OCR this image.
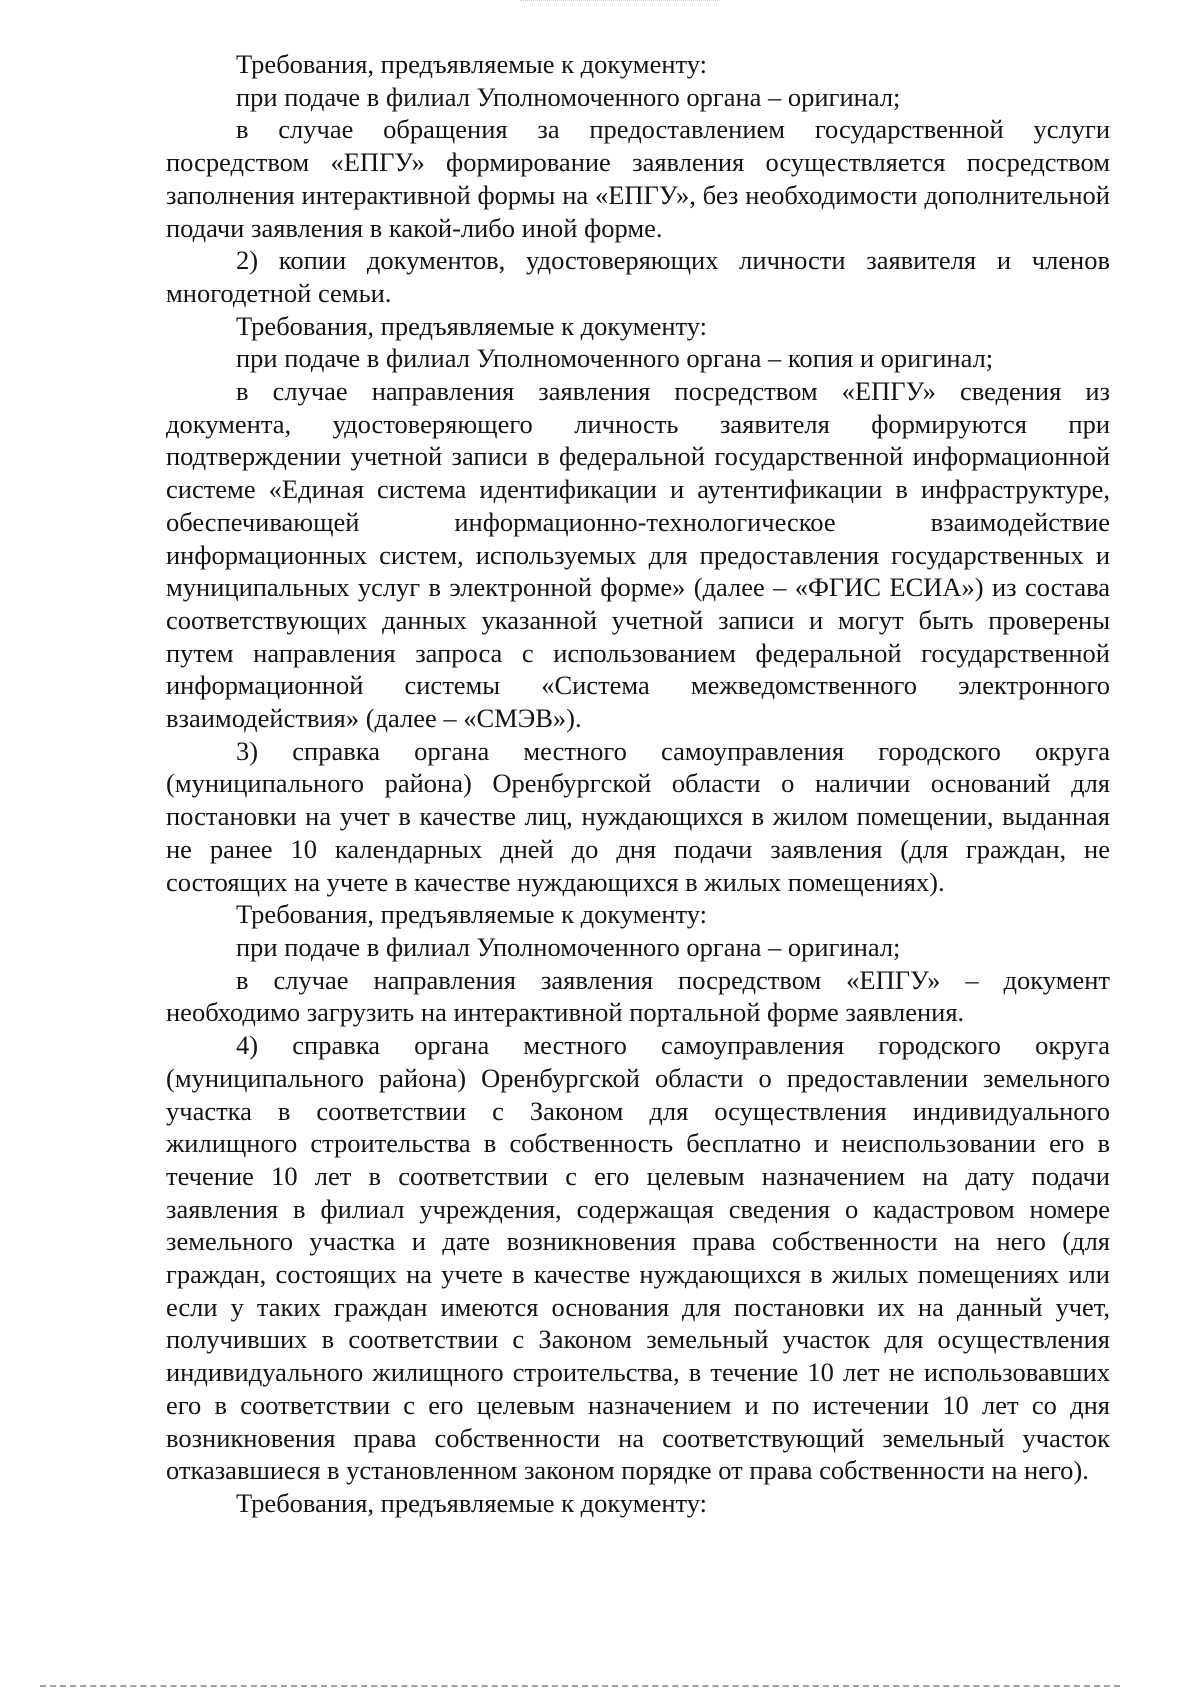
Требования, предъявляемые к документу:

при подаче в филиал Уполномоченного органа – оригинал;

в случае обращения за предоставлением государственной услуги посредством «ЕПГУ» формирование заявления осуществляется посредством заполнения интерактивной формы на «ЕПГУ», без необходимости дополнительной подачи заявления в какой-либо иной форме.

2) копии документов, удостоверяющих личности заявителя и членов многодетной семьи.

Требования, предъявляемые к документу:

при подаче в филиал Уполномоченного органа – копия и оригинал;

в случае направления заявления посредством «ЕПГУ» сведения из документа, удостоверяющего личность заявителя формируются при подтверждении учетной записи в федеральной государственной информационной системе «Единая система идентификации и аутентификации в инфраструктуре, обеспечивающей информационно-технологическое взаимодействие информационных систем, используемых для предоставления государственных и муниципальных услуг в электронной форме» (далее – «ФГИС ЕСИА») из состава соответствующих данных указанной учетной записи и могут быть проверены путем направления запроса с использованием федеральной государственной информационной системы «Система межведомственного электронного взаимодействия» (далее – «СМЭВ»).

3) справка органа местного самоуправления городского округа (муниципального района) Оренбургской области о наличии оснований для постановки на учет в качестве лиц, нуждающихся в жилом помещении, выданная не ранее 10 календарных дней до дня подачи заявления (для граждан, не состоящих на учете в качестве нуждающихся в жилых помещениях).

Требования, предъявляемые к документу:

при подаче в филиал Уполномоченного органа – оригинал;

в случае направления заявления посредством «ЕПГУ» – документ необходимо загрузить на интерактивной портальной форме заявления.

4) справка органа местного самоуправления городского округа (муниципального района) Оренбургской области о предоставлении земельного участка в соответствии с Законом для осуществления индивидуального жилищного строительства в собственность бесплатно и неиспользовании его в течение 10 лет в соответствии с его целевым назначением на дату подачи заявления в филиал учреждения, содержащая сведения о кадастровом номере земельного участка и дате возникновения права собственности на него (для граждан, состоящих на учете в качестве нуждающихся в жилых помещениях или если у таких граждан имеются основания для постановки их на данный учет, получивших в соответствии с Законом земельный участок для осуществления индивидуального жилищного строительства, в течение 10 лет не использовавших его в соответствии с его целевым назначением и по истечении 10 лет со дня возникновения права собственности на соответствующий земельный участок отказавшиеся в установленном законом порядке от права собственности на него).

Требования, предъявляемые к документу:
